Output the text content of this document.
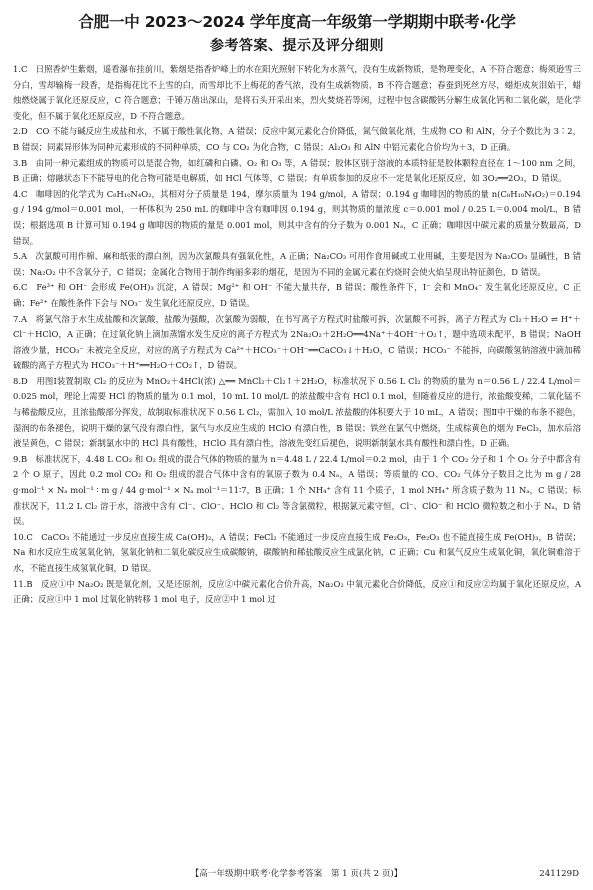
合肥一中 2023～2024 学年度高一年级第一学期期中联考·化学
参考答案、提示及评分细则

1.C　日照香炉生紫烟，遥看瀑布挂前川，紫烟是指香炉峰上的水在阳光照射下转化为水蒸气，没有生成新物质，是物理变化，A 不符合题意；梅须逊雪三分白，雪却输梅一段香，是指梅花比不上雪的白，而雪却比不上梅花的香气浓，没有生成新物质，B 不符合题意；春蚕到死丝方尽，蜡炬成灰泪始干，蜡烛燃烧属于氧化还原反应，C 符合题意；千锤万凿出深山，是将石头开采出来，烈火焚烧若等闲，过程中包含碳酸钙分解生成氧化钙和二氧化碳，是化学变化，但不属于氧化还原反应，D 不符合题意。

2.D　CO 不能与碱反应生成盐和水，不属于酸性氧化物，A 错误；反应中氮元素化合价降低，氮气做氧化剂，生成物 CO 和 AlN，分子个数比为 3∶2，B 错误；同素异形体为同种元素形成的不同种单质，CO 与 CO₂ 为化合物，C 错误；Al₂O₃ 和 AlN 中铝元素化合价均为＋3，D 正确。

3.B　由同一种元素组成的物质可以是混合物，如红磷和白磷、O₂ 和 O₃ 等，A 错误；胶体区别于溶液的本质特征是胶体颗粒直径在 1～100 nm 之间，B 正确；熔融状态下不能导电的化合物可能是电解质，如 HCl 气体等，C 错误；有单质参加的反应不一定是氧化还原反应，如 3O₂══2O₃，D 错误。

4.C　咖啡因的化学式为 C₈H₁₀N₄O₂，其相对分子质量是 194，摩尔质量为 194 g/mol，A 错误；0.194 g 咖啡因的物质的量 n(C₈H₁₀N₄O₂)＝0.194 g / 194 g/mol＝0.001 mol，一杯体积为 250 mL 的咖啡中含有咖啡因 0.194 g，则其物质的量浓度 c＝0.001 mol / 0.25 L＝0.004 mol/L，B 错误；根据选项 B 计算可知 0.194 g 咖啡因的物质的量是 0.001 mol，则其中含有的分子数为 0.001 Nₐ，C 正确；咖啡因中碳元素的质量分数最高，D 错误。

5.A　次氯酸可用作棉、麻和纸张的漂白剂，因为次氯酸具有强氧化性，A 正确；Na₂CO₃ 可用作食用碱或工业用碱，主要是因为 Na₂CO₃ 显碱性，B 错误；Na₂O₂ 中不含氧分子，C 错误；金属化合物用于制作绚丽多彩的烟花，是因为不同的金属元素在灼烧时会使火焰呈现出特征颜色，D 错误。

6.C　Fe³⁺ 和 OH⁻ 会形成 Fe(OH)₃ 沉淀，A 错误；Mg²⁺ 和 OH⁻ 不能大量共存，B 错误；酸性条件下，I⁻ 会和 MnO₄⁻ 发生氧化还原反应，C 正确；Fe²⁺ 在酸性条件下会与 NO₃⁻ 发生氧化还原反应，D 错误。

7.A　将氯气溶于水生成盐酸和次氯酸，盐酸为强酸，次氯酸为弱酸，在书写离子方程式时盐酸可拆，次氯酸不可拆，离子方程式为 Cl₂＋H₂O ⇌ H⁺＋Cl⁻＋HClO，A 正确；在过氧化钠上滴加蒸馏水发生反应的离子方程式为 2Na₂O₂＋2H₂O══4Na⁺＋4OH⁻＋O₂↑，题中选项未配平，B 错误；NaOH 溶液少量，HCO₃⁻ 未被完全反应，对应的离子方程式为 Ca²⁺＋HCO₃⁻＋OH⁻══CaCO₃↓＋H₂O，C 错误；HCO₃⁻ 不能拆，向碳酸氢钠溶液中滴加稀硫酸的离子方程式为 HCO₃⁻＋H⁺══H₂O＋CO₂↑，D 错误。

8.D　用图Ⅰ装置制取 Cl₂ 的反应为 MnO₂＋4HCl(浓) △══ MnCl₂＋Cl₂↑＋2H₂O，标准状况下 0.56 L Cl₂ 的物质的量为 n＝0.56 L / 22.4 L/mol＝0.025 mol，理论上需要 HCl 的物质的量为 0.1 mol，10 mL 10 mol/L 的浓盐酸中含有 HCl 0.1 mol，但随着反应的进行，浓盐酸变稀，二氧化锰不与稀盐酸反应，且浓盐酸部分挥发，故制取标准状况下 0.56 L Cl₂，需加入 10 mol/L 浓盐酸的体积要大于 10 mL，A 错误；图Ⅱ中干燥的布条不褪色，湿润的布条褪色，说明干燥的氯气没有漂白性，氯气与水反应生成的 HClO 有漂白性，B 错误；铁丝在氯气中燃烧，生成棕黄色的烟为 FeCl₃，加水后溶液呈黄色，C 错误；新制氯水中的 HCl 具有酸性，HClO 具有漂白性，溶液先变红后褪色，说明新制氯水具有酸性和漂白性，D 正确。

9.B　标准状况下，4.48 L CO₂ 和 O₂ 组成的混合气体的物质的量为 n＝4.48 L / 22.4 L/mol＝0.2 mol，由于 1 个 CO₂ 分子和 1 个 O₂ 分子中都含有 2 个 O 原子，因此 0.2 mol CO₂ 和 O₂ 组成的混合气体中含有的氧原子数为 0.4 Nₐ，A 错误；等质量的 CO、CO₂ 气体分子数目之比为 m g / 28 g·mol⁻¹ × Nₐ mol⁻¹ ∶ m g / 44 g·mol⁻¹ × Nₐ mol⁻¹＝11∶7，B 正确；1 个 NH₄⁺ 含有 11 个质子，1 mol NH₄⁺ 所含质子数为 11 Nₐ，C 错误；标准状况下，11.2 L Cl₂ 溶于水，溶液中含有 Cl⁻、ClO⁻、HClO 和 Cl₂ 等含氯微粒，根据氯元素守恒，Cl⁻、ClO⁻ 和 HClO 微粒数之和小于 Nₐ，D 错误。

10.C　CaCO₃ 不能通过一步反应直接生成 Ca(OH)₂，A 错误；FeCl₂ 不能通过一步反应直接生成 Fe₂O₃，Fe₂O₃ 也不能直接生成 Fe(OH)₃，B 错误；Na 和水反应生成氢氧化钠，氢氧化钠和二氧化碳反应生成碳酸钠，碳酸钠和稀盐酸反应生成氯化钠，C 正确；Cu 和氧气反应生成氧化铜，氧化铜难溶于水，不能直接生成氢氧化铜，D 错误。

11.B　反应①中 Na₂O₂ 既是氧化剂，又是还原剂，反应②中碳元素化合价升高，Na₂O₂ 中氧元素化合价降低，反应①和反应②均属于氧化还原反应，A 正确；反应①中 1 mol 过氧化钠转移 1 mol 电子，反应②中 1 mol 过

【高一年级期中联考·化学参考答案　第 1 页(共 2 页)】	241129D
